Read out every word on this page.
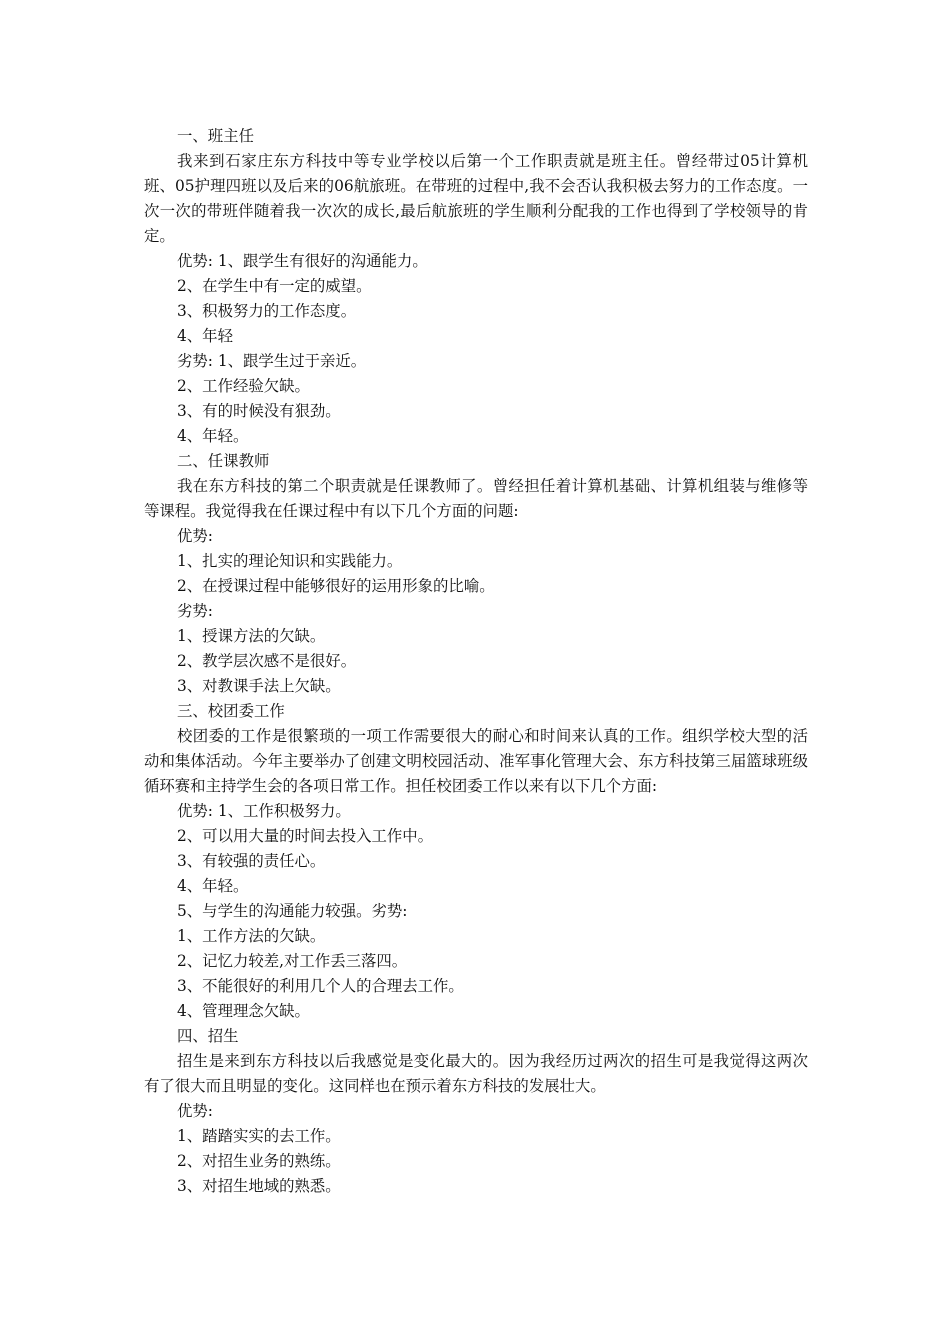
一、班主任
我来到石家庄东方科技中等专业学校以后第一个工作职责就是班主任。曾经带过05计算机班、05护理四班以及后来的06航旅班。在带班的过程中,我不会否认我积极去努力的工作态度。一次一次的带班伴随着我一次次的成长,最后航旅班的学生顺利分配我的工作也得到了学校领导的肯定。
优势: 1、跟学生有很好的沟通能力。
2、在学生中有一定的威望。
3、积极努力的工作态度。
4、年轻
劣势: 1、跟学生过于亲近。
2、工作经验欠缺。
3、有的时候没有狠劲。
4、年轻。
二、任课教师
我在东方科技的第二个职责就是任课教师了。曾经担任着计算机基础、计算机组装与维修等等课程。我觉得我在任课过程中有以下几个方面的问题:
优势:
1、扎实的理论知识和实践能力。
2、在授课过程中能够很好的运用形象的比喻。
劣势:
1、授课方法的欠缺。
2、教学层次感不是很好。
3、对教课手法上欠缺。
三、校团委工作
校团委的工作是很繁琐的一项工作需要很大的耐心和时间来认真的工作。组织学校大型的活动和集体活动。今年主要举办了创建文明校园活动、准军事化管理大会、东方科技第三届篮球班级循环赛和主持学生会的各项日常工作。担任校团委工作以来有以下几个方面:
优势: 1、工作积极努力。
2、可以用大量的时间去投入工作中。
3、有较强的责任心。
4、年轻。
5、与学生的沟通能力较强。劣势:
1、工作方法的欠缺。
2、记忆力较差,对工作丢三落四。
3、不能很好的利用几个人的合理去工作。
4、管理理念欠缺。
四、招生
招生是来到东方科技以后我感觉是变化最大的。因为我经历过两次的招生可是我觉得这两次有了很大而且明显的变化。这同样也在预示着东方科技的发展壮大。
优势:
1、踏踏实实的去工作。
2、对招生业务的熟练。
3、对招生地域的熟悉。
